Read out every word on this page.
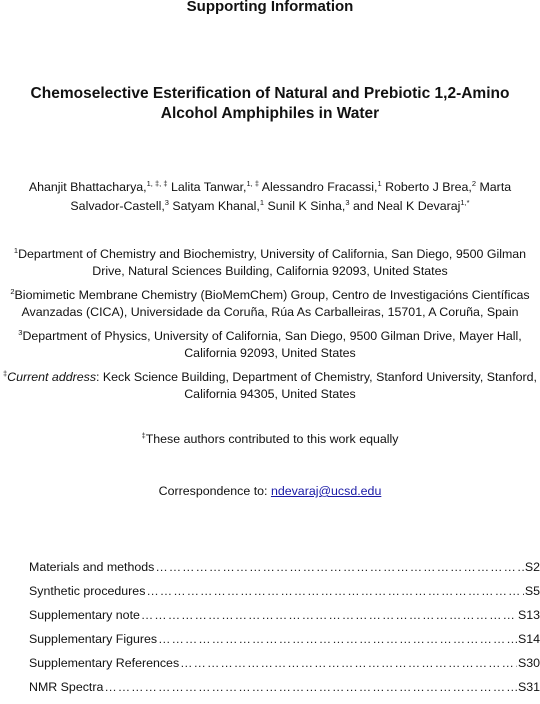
Supporting Information
Chemoselective Esterification of Natural and Prebiotic 1,2-Amino Alcohol Amphiphiles in Water
Ahanjit Bhattacharya,$^{1, \ddagger, \ddagger}$ Lalita Tanwar,$^{1, \ddagger}$ Alessandro Fracassi,$^1$ Roberto J Brea,$^2$ Marta Salvador-Castell,$^3$ Satyam Khanal,$^1$ Sunil K Sinha,$^3$ and Neal K Devaraj$^{1,*}$
$^1$Department of Chemistry and Biochemistry, University of California, San Diego, 9500 Gilman Drive, Natural Sciences Building, California 92093, United States
$^2$Biomimetic Membrane Chemistry (BioMemChem) Group, Centro de Investigacións Científicas Avanzadas (CICA), Universidade da Coruña, Rúa As Carballeiras, 15701, A Coruña, Spain
$^3$Department of Physics, University of California, San Diego, 9500 Gilman Drive, Mayer Hall, California 92093, United States
‡Current address: Keck Science Building, Department of Chemistry, Stanford University, Stanford, California 94305, United States
‡These authors contributed to this work equally
Correspondence to: ndevaraj@ucsd.edu
Materials and methods ………………………………………………………………………………………………………………………………………………………………	S2
Synthetic procedures ………………………………………………………………………………………………………………………………………………………………	S5
Supplementary note ………………………………………………………………………………………………………………………………………………………………	S13
Supplementary Figures ………………………………………………………………………………………………………………………………………………………………	S14
Supplementary References ………………………………………………………………………………………………………………………………………………………………	S30
NMR Spectra ………………………………………………………………………………………………………………………………………………………………	S31
